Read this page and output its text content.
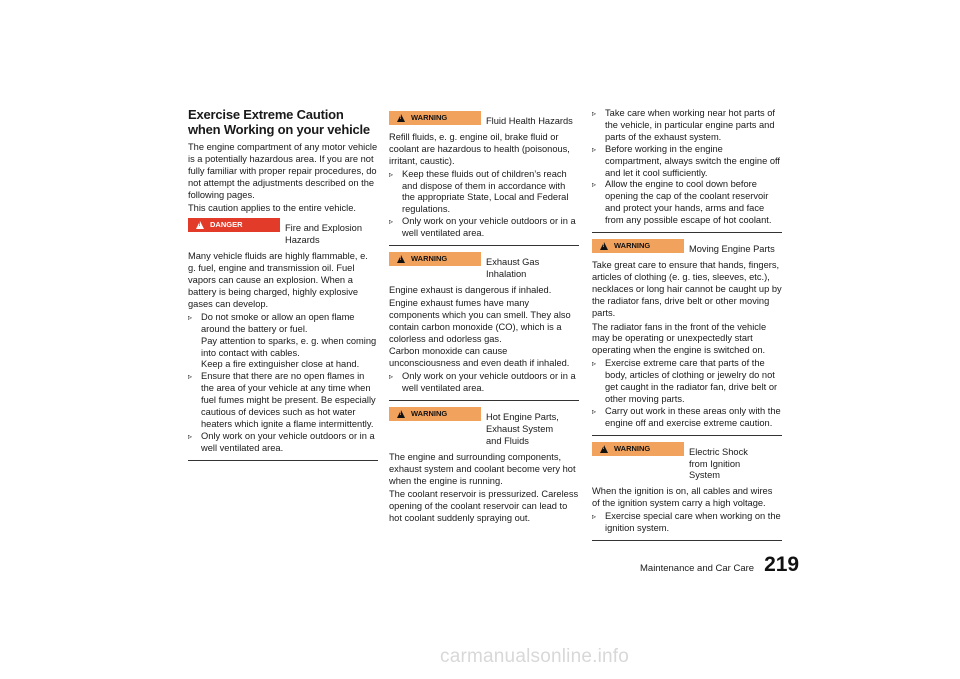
Exercise Extreme Caution when Working on your vehicle
The engine compartment of any motor vehicle is a potentially hazardous area. If you are not fully familiar with proper repair procedures, do not attempt the adjustments described on the following pages.
This caution applies to the entire vehicle.
!
DANGER	Fire and Explosion Hazards
Many vehicle fluids are highly flammable, e. g. fuel, engine and transmission oil. Fuel vapors can cause an explosion. When a battery is being charged, highly explosive gases can develop.
▹ Do not smoke or allow an open flame around the battery or fuel.
Pay attention to sparks, e. g. when coming into contact with cables.
Keep a fire extinguisher close at hand.
▹ Ensure that there are no open flames in the area of your vehicle at any time when fuel fumes might be present. Be especially cautious of devices such as hot water heaters which ignite a flame intermittently.
▹ Only work on your vehicle outdoors or in a well ventilated area.
!
WARNING	Fluid Health Hazards
Refill fluids, e. g. engine oil, brake fluid or coolant are hazardous to health (poisonous, irritant, caustic).
▹ Keep these fluids out of children’s reach and dispose of them in accordance with the appropriate State, Local and Federal regulations.
▹ Only work on your vehicle outdoors or in a well ventilated area.
!
WARNING	Exhaust Gas Inhalation
Engine exhaust is dangerous if inhaled.
Engine exhaust fumes have many components which you can smell. They also contain carbon monoxide (CO), which is a colorless and odorless gas.
Carbon monoxide can cause unconsciousness and even death if inhaled.
▹ Only work on your vehicle outdoors or in a well ventilated area.
!
WARNING	Hot Engine Parts, Exhaust System and Fluids
The engine and surrounding components, exhaust system and coolant become very hot when the engine is running.
The coolant reservoir is pressurized. Careless opening of the coolant reservoir can lead to hot coolant suddenly spraying out.
▹ Take care when working near hot parts of the vehicle, in particular engine parts and parts of the exhaust system.
▹ Before working in the engine compartment, always switch the engine off and let it cool sufficiently.
▹ Allow the engine to cool down before opening the cap of the coolant reservoir and protect your hands, arms and face from any possible escape of hot coolant.
!
WARNING	Moving Engine Parts
Take great care to ensure that hands, fingers, articles of clothing (e. g. ties, sleeves, etc.), necklaces or long hair cannot be caught up by the radiator fans, drive belt or other moving parts.
The radiator fans in the front of the vehicle may be operating or unexpectedly start operating when the engine is switched on.
▹ Exercise extreme care that parts of the body, articles of clothing or jewelry do not get caught in the radiator fan, drive belt or other moving parts.
▹ Carry out work in these areas only with the engine off and exercise extreme caution.
!
WARNING	Electric Shock from Ignition System
When the ignition is on, all cables and wires of the ignition system carry a high voltage.
▹ Exercise special care when working on the ignition system.
Maintenance and Car Care 219
carmanualsonline.info
